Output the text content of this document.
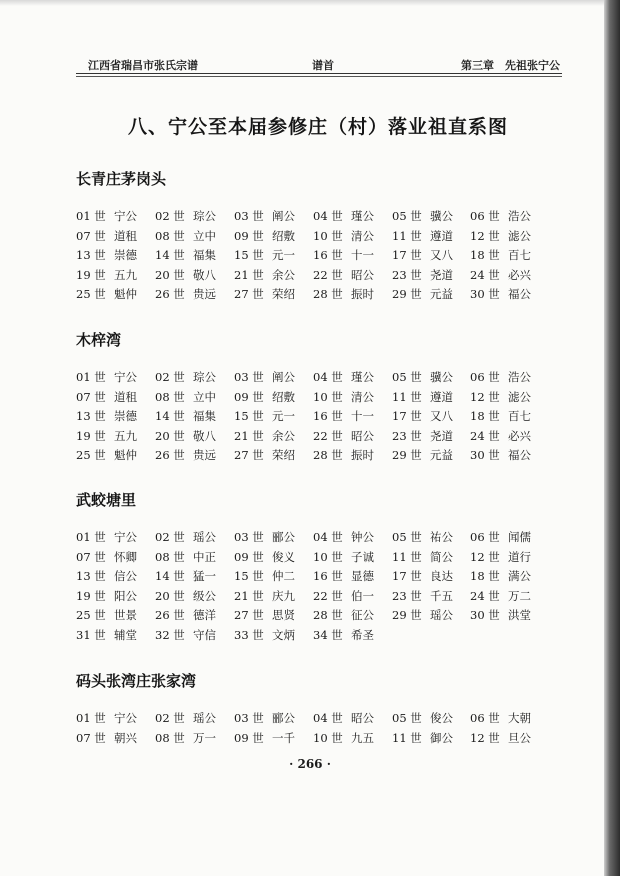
江西省瑞昌市张氏宗谱	谱首	第三章　先祖张宁公
八、宁公至本届参修庄（村）落业祖直系图
长青庄茅岗头
01 世 宁公 02 世 琮公 03 世 阐公 04 世 瑾公 05 世 骥公 06 世 浩公
07 世 道租 08 世 立中 09 世 绍敷 10 世 清公 11 世 遵道 12 世 滤公
13 世 崇德 14 世 福集 15 世 元一 16 世 十一 17 世 又八 18 世 百七
19 世 五九 20 世 敬八 21 世 余公 22 世 昭公 23 世 尧道 24 世 必兴
25 世 魁仲 26 世 贵远 27 世 荣绍 28 世 振时 29 世 元益 30 世 福公
木梓湾
01 世 宁公 02 世 琮公 03 世 阐公 04 世 瑾公 05 世 骥公 06 世 浩公
07 世 道租 08 世 立中 09 世 绍敷 10 世 清公 11 世 遵道 12 世 滤公
13 世 崇德 14 世 福集 15 世 元一 16 世 十一 17 世 又八 18 世 百七
19 世 五九 20 世 敬八 21 世 余公 22 世 昭公 23 世 尧道 24 世 必兴
25 世 魁仲 26 世 贵远 27 世 荣绍 28 世 振时 29 世 元益 30 世 福公
武蛟塘里
01 世 宁公 02 世 瑶公 03 世 郦公 04 世 钟公 05 世 祐公 06 世 闻儒
07 世 怀卿 08 世 中正 09 世 俊义 10 世 子诚 11 世 简公 12 世 道行
13 世 信公 14 世 猛一 15 世 仲二 16 世 显德 17 世 良达 18 世 满公
19 世 阳公 20 世 级公 21 世 庆九 22 世 伯一 23 世 千五 24 世 万二
25 世 世景 26 世 德洋 27 世 思贤 28 世 征公 29 世 瑶公 30 世 洪堂
31 世 辅堂 32 世 守信 33 世 文炳 34 世 希圣
码头张湾庄张家湾
01 世 宁公 02 世 瑶公 03 世 郦公 04 世 昭公 05 世 俊公 06 世 大朝
07 世 朝兴 08 世 万一 09 世 一千 10 世 九五 11 世 御公 12 世 旦公
· 266 ·
